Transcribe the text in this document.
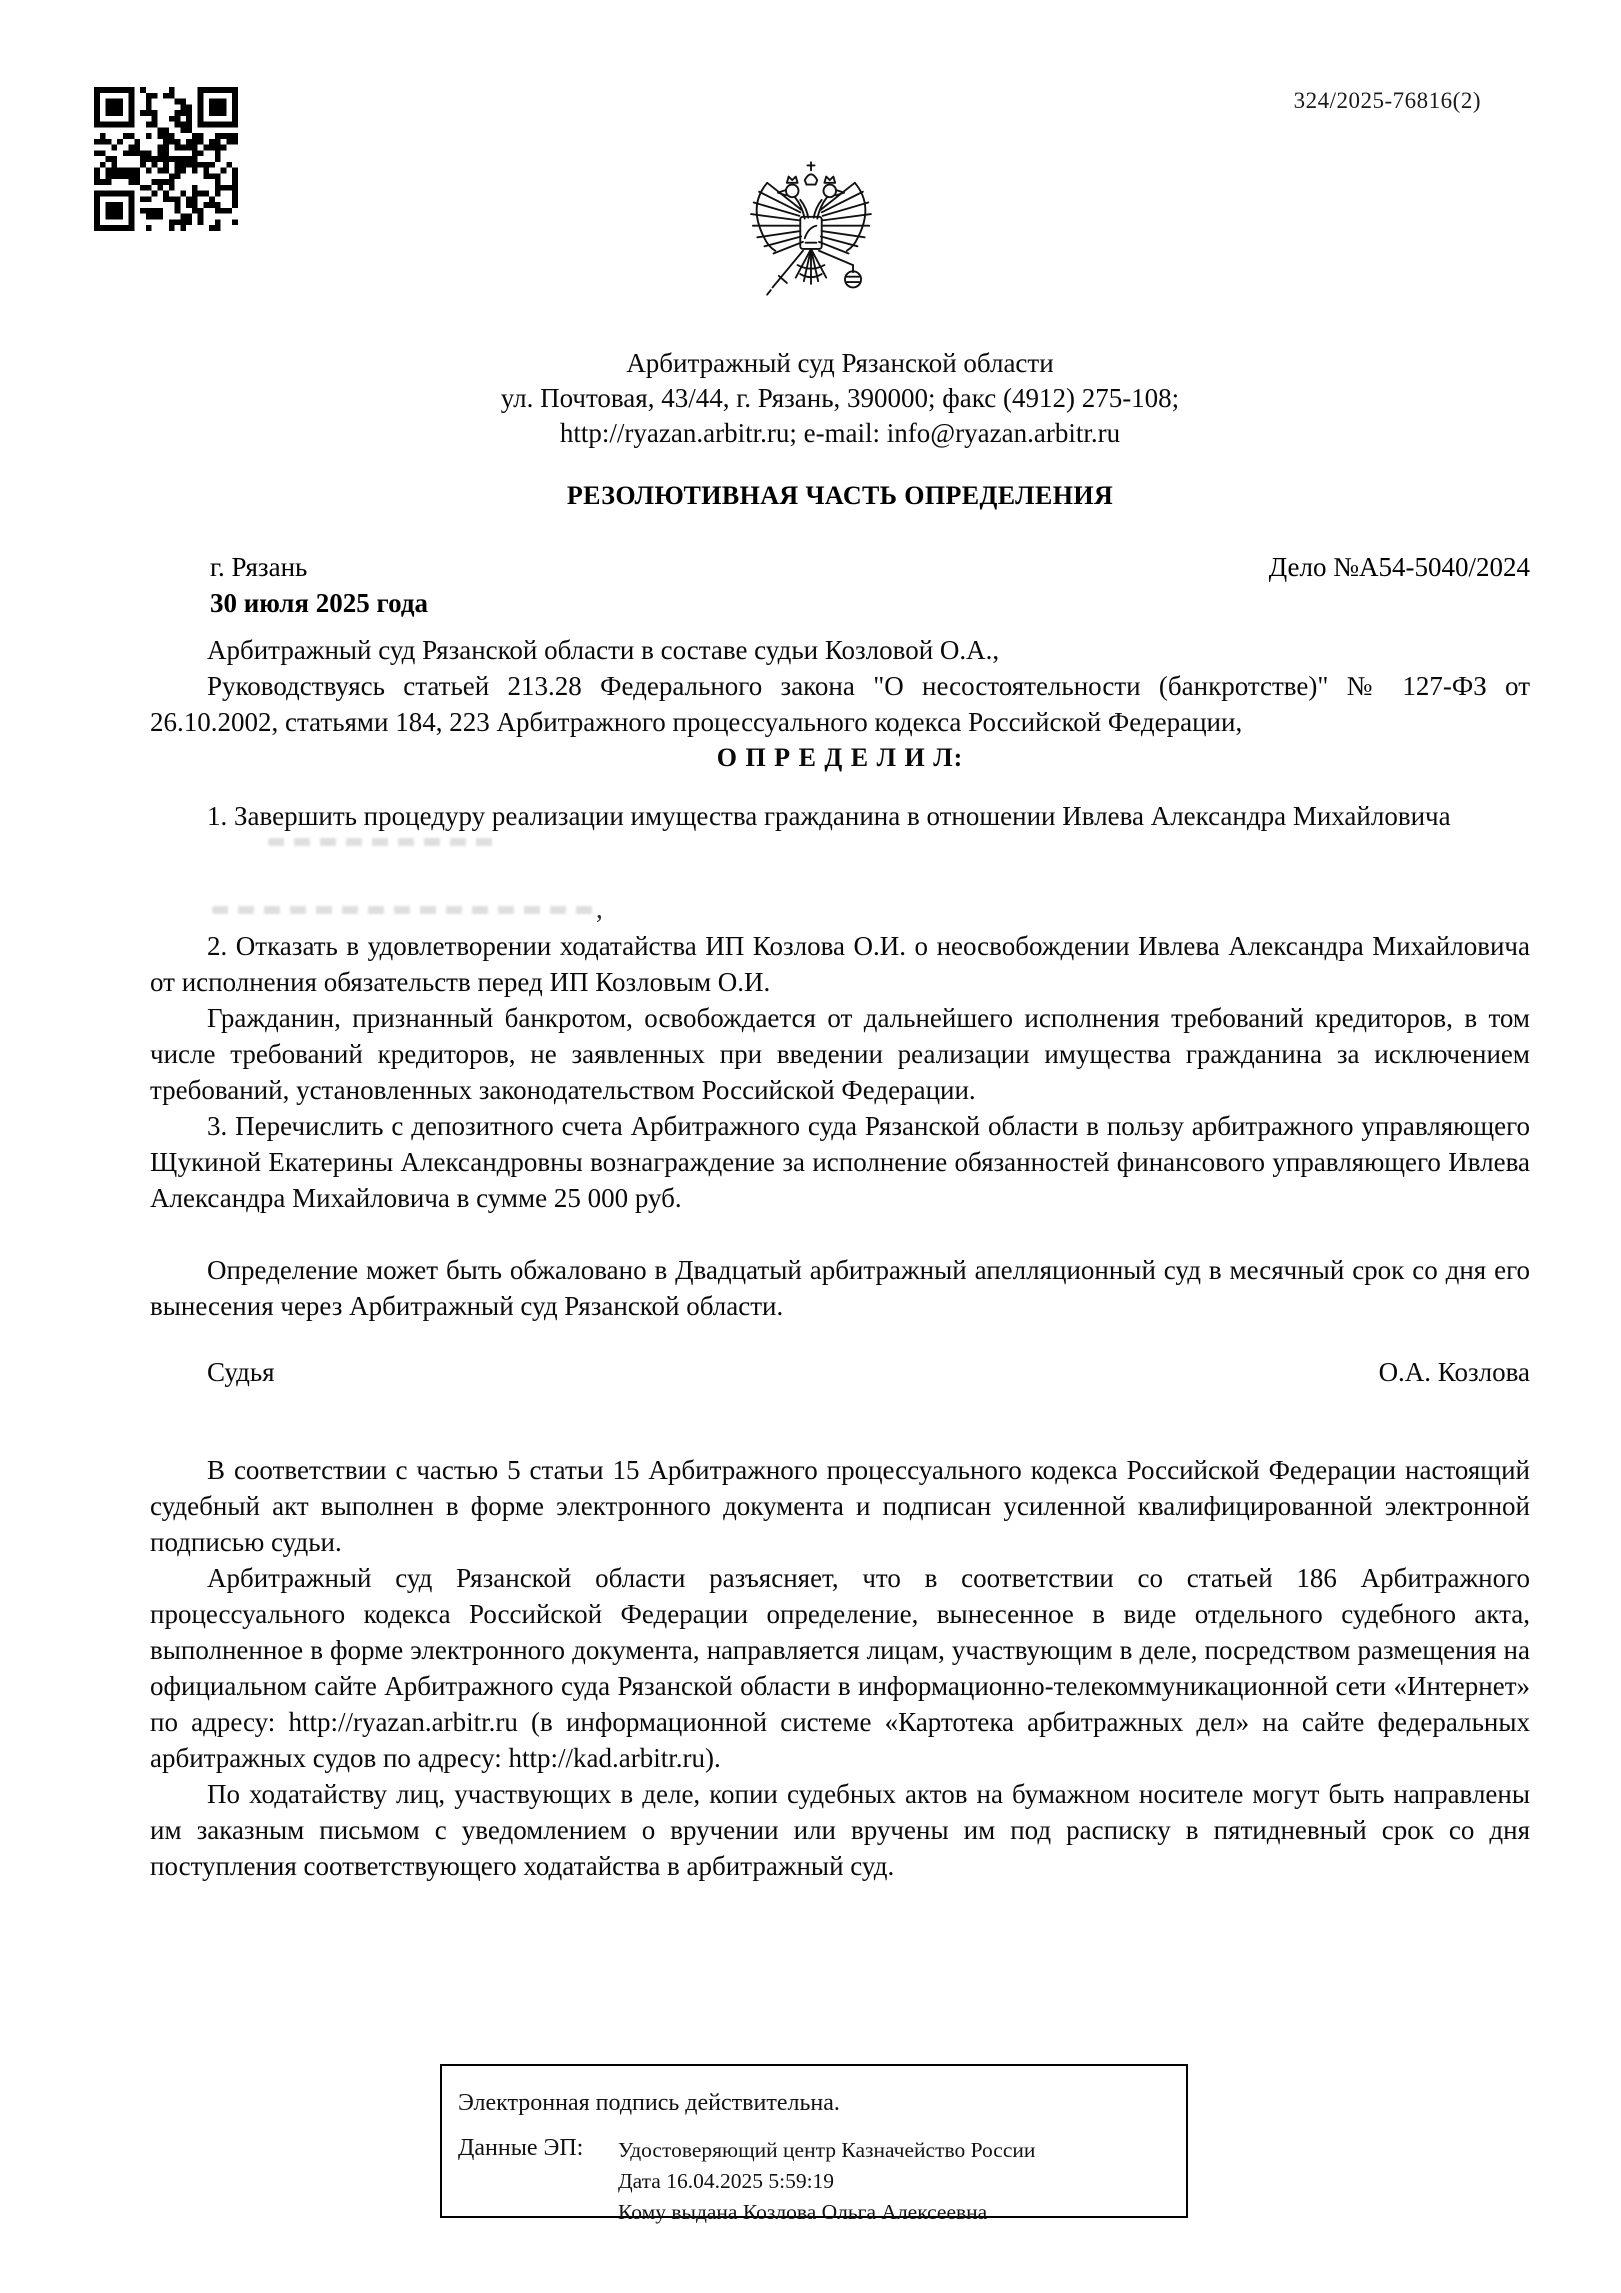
324/2025-76816(2)
Арбитражный суд Рязанской области
ул. Почтовая, 43/44, г. Рязань, 390000; факс (4912) 275-108;
http://ryazan.arbitr.ru; e-mail: info@ryazan.arbitr.ru
РЕЗОЛЮТИВНАЯ ЧАСТЬ ОПРЕДЕЛЕНИЯ
г. Рязань	Дело №А54-5040/2024
30 июля 2025 года

Арбитражный суд Рязанской области в составе судьи Козловой О.А.,

Руководствуясь статьей 213.28 Федерального закона "О несостоятельности (банкротстве)" № 127-ФЗ от 26.10.2002, статьями 184, 223 Арбитражного процессуального кодекса Российской Федерации,

О П Р Е Д Е Л И Л:

1. Завершить процедуру реализации имущества гражданина в отношении Ивлева Александра Михайловича

,

2. Отказать в удовлетворении ходатайства ИП Козлова О.И. о неосвобождении Ивлева Александра Михайловича от исполнения обязательств перед ИП Козловым О.И.

Гражданин, признанный банкротом, освобождается от дальнейшего исполнения требований кредиторов, в том числе требований кредиторов, не заявленных при введении реализации имущества гражданина за исключением требований, установленных законодательством Российской Федерации.

3. Перечислить с депозитного счета Арбитражного суда Рязанской области в пользу арбитражного управляющего Щукиной Екатерины Александровны вознаграждение за исполнение обязанностей финансового управляющего Ивлева Александра Михайловича в сумме 25 000 руб.

Определение может быть обжаловано в Двадцатый арбитражный апелляционный суд в месячный срок со дня его вынесения через Арбитражный суд Рязанской области.

Судья	О.А. Козлова

В соответствии с частью 5 статьи 15 Арбитражного процессуального кодекса Российской Федерации настоящий судебный акт выполнен в форме электронного документа и подписан усиленной квалифицированной электронной подписью судьи.

Арбитражный суд Рязанской области разъясняет, что в соответствии со статьей 186 Арбитражного процессуального кодекса Российской Федерации определение, вынесенное в виде отдельного судебного акта, выполненное в форме электронного документа, направляется лицам, участвующим в деле, посредством размещения на официальном сайте Арбитражного суда Рязанской области в информационно-телекоммуникационной сети «Интернет» по адресу: http://ryazan.arbitr.ru (в информационной системе «Картотека арбитражных дел» на сайте федеральных арбитражных судов по адресу: http://kad.arbitr.ru).

По ходатайству лиц, участвующих в деле, копии судебных актов на бумажном носителе могут быть направлены им заказным письмом с уведомлением о вручении или вручены им под расписку в пятидневный срок со дня поступления соответствующего ходатайства в арбитражный суд.

Электронная подпись действительна.
Данные ЭП:	Удостоверяющий центр Казначейство России
Дата 16.04.2025 5:59:19
Кому выдана Козлова Ольга Алексеевна
